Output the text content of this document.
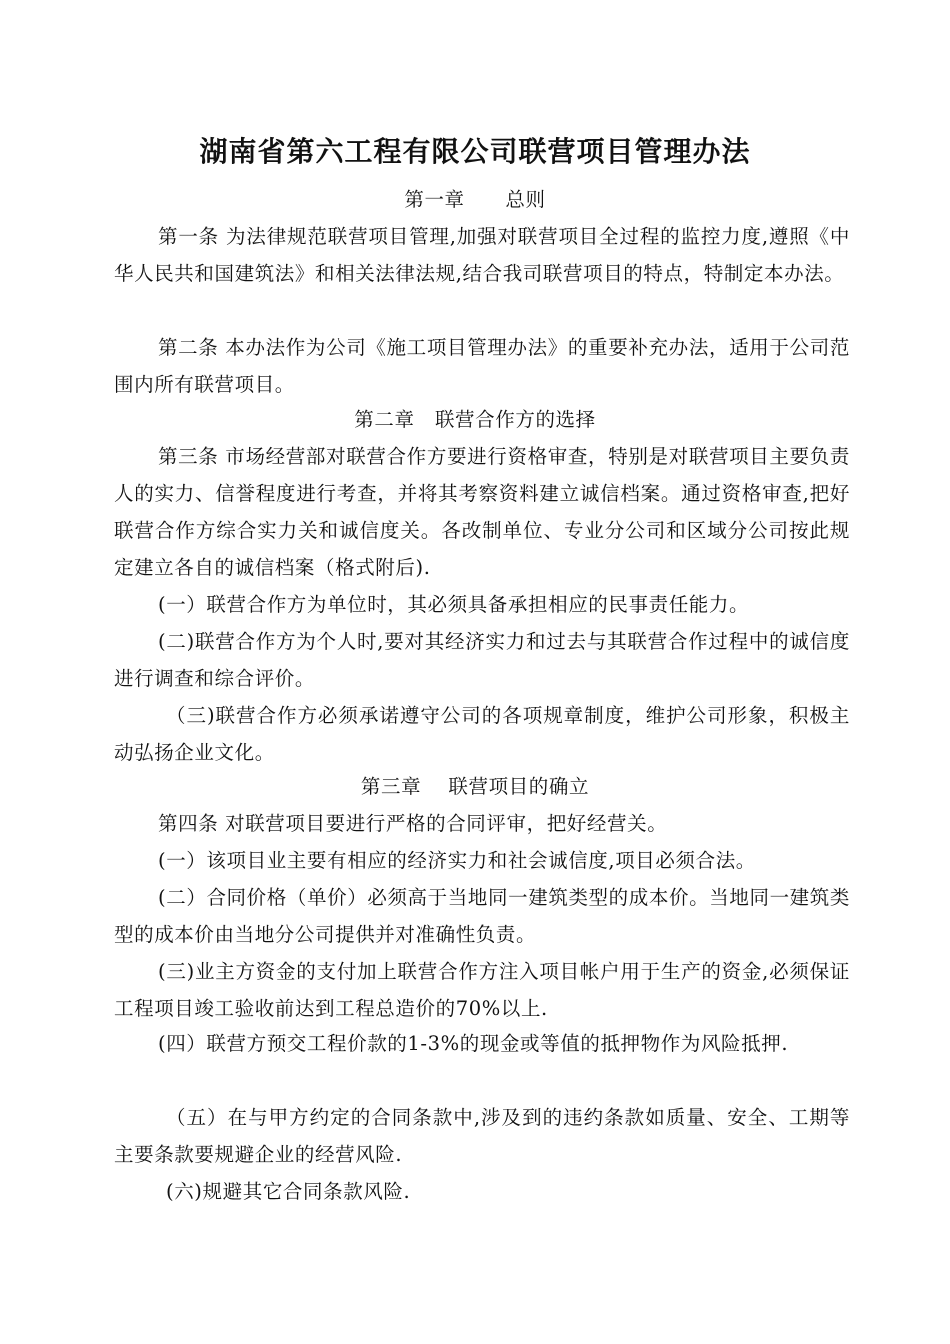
湖南省第六工程有限公司联营项目管理办法

第一章      总则

第一条 为法律规范联营项目管理,加强对联营项目全过程的监控力度,遵照《中华人民共和国建筑法》和相关法律法规,结合我司联营项目的特点，特制定本办法。

第二条 本办法作为公司《施工项目管理办法》的重要补充办法，适用于公司范围内所有联营项目。

第二章   联营合作方的选择

第三条 市场经营部对联营合作方要进行资格审查，特别是对联营项目主要负责人的实力、信誉程度进行考查，并将其考察资料建立诚信档案。通过资格审查,把好联营合作方综合实力关和诚信度关。各改制单位、专业分公司和区域分公司按此规定建立各自的诚信档案（格式附后).

(一）联营合作方为单位时，其必须具备承担相应的民事责任能力。

(二)联营合作方为个人时,要对其经济实力和过去与其联营合作过程中的诚信度进行调查和综合评价。

（三)联营合作方必须承诺遵守公司的各项规章制度，维护公司形象，积极主动弘扬企业文化。

第三章    联营项目的确立

第四条 对联营项目要进行严格的合同评审，把好经营关。

(一）该项目业主要有相应的经济实力和社会诚信度,项目必须合法。

(二）合同价格（单价）必须高于当地同一建筑类型的成本价。当地同一建筑类型的成本价由当地分公司提供并对准确性负责。

(三)业主方资金的支付加上联营合作方注入项目帐户用于生产的资金,必须保证工程项目竣工验收前达到工程总造价的70%以上.

(四）联营方预交工程价款的1-3%的现金或等值的抵押物作为风险抵押.

（五）在与甲方约定的合同条款中,涉及到的违约条款如质量、安全、工期等主要条款要规避企业的经营风险.

(六)规避其它合同条款风险.
